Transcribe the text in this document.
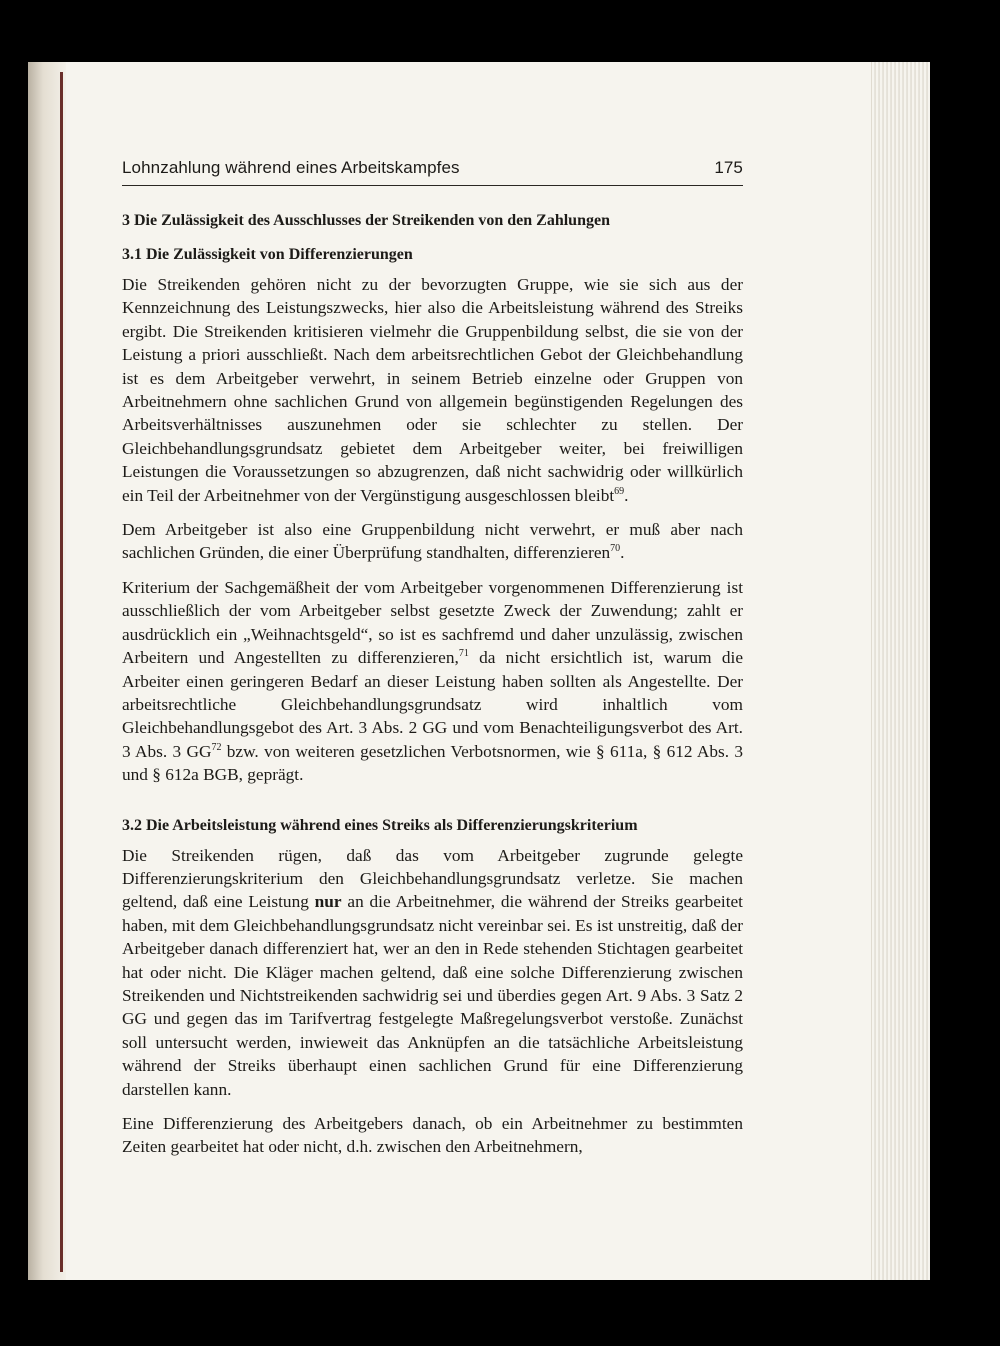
Lohnzahlung während eines Arbeitskampfes	175
3 Die Zulässigkeit des Ausschlusses der Streikenden von den Zahlungen
3.1 Die Zulässigkeit von Differenzierungen

Die Streikenden gehören nicht zu der bevorzugten Gruppe, wie sie sich aus der Kennzeichnung des Leistungszwecks, hier also die Arbeitsleistung während des Streiks ergibt. Die Streikenden kritisieren vielmehr die Gruppenbildung selbst, die sie von der Leistung a priori ausschließt. Nach dem arbeitsrechtlichen Gebot der Gleichbehandlung ist es dem Arbeitgeber verwehrt, in seinem Betrieb einzelne oder Gruppen von Arbeitnehmern ohne sachlichen Grund von allgemein begünstigenden Regelungen des Arbeitsverhältnisses auszunehmen oder sie schlechter zu stellen. Der Gleichbehandlungsgrundsatz gebietet dem Arbeitgeber weiter, bei freiwilligen Leistungen die Voraussetzungen so abzugrenzen, daß nicht sachwidrig oder willkürlich ein Teil der Arbeitnehmer von der Vergünstigung ausgeschlossen bleibt$^{69}$.

Dem Arbeitgeber ist also eine Gruppenbildung nicht verwehrt, er muß aber nach sachlichen Gründen, die einer Überprüfung standhalten, differenzieren$^{70}$.

Kriterium der Sachgemäßheit der vom Arbeitgeber vorgenommenen Differenzierung ist ausschließlich der vom Arbeitgeber selbst gesetzte Zweck der Zuwendung; zahlt er ausdrücklich ein „Weihnachtsgeld“, so ist es sachfremd und daher unzulässig, zwischen Arbeitern und Angestellten zu differenzieren,$^{71}$ da nicht ersichtlich ist, warum die Arbeiter einen geringeren Bedarf an dieser Leistung haben sollten als Angestellte. Der arbeitsrechtliche Gleichbehandlungsgrundsatz wird inhaltlich vom Gleichbehandlungsgebot des Art. 3 Abs. 2 GG und vom Benachteiligungsverbot des Art. 3 Abs. 3 GG$^{72}$ bzw. von weiteren gesetzlichen Verbotsnormen, wie § 611a, § 612 Abs. 3 und § 612a BGB, geprägt.

3.2 Die Arbeitsleistung während eines Streiks als Differenzierungskriterium

Die Streikenden rügen, daß das vom Arbeitgeber zugrunde gelegte Differenzierungskriterium den Gleichbehandlungsgrundsatz verletze. Sie machen geltend, daß eine Leistung nur an die Arbeitnehmer, die während der Streiks gearbeitet haben, mit dem Gleichbehandlungsgrundsatz nicht vereinbar sei. Es ist unstreitig, daß der Arbeitgeber danach differenziert hat, wer an den in Rede stehenden Stichtagen gearbeitet hat oder nicht. Die Kläger machen geltend, daß eine solche Differenzierung zwischen Streikenden und Nichtstreikenden sachwidrig sei und überdies gegen Art. 9 Abs. 3 Satz 2 GG und gegen das im Tarifvertrag festgelegte Maßregelungsverbot verstoße. Zunächst soll untersucht werden, inwieweit das Anknüpfen an die tatsächliche Arbeitsleistung während der Streiks überhaupt einen sachlichen Grund für eine Differenzierung darstellen kann.

Eine Differenzierung des Arbeitgebers danach, ob ein Arbeitnehmer zu bestimmten Zeiten gearbeitet hat oder nicht, d.h. zwischen den Arbeitnehmern,
